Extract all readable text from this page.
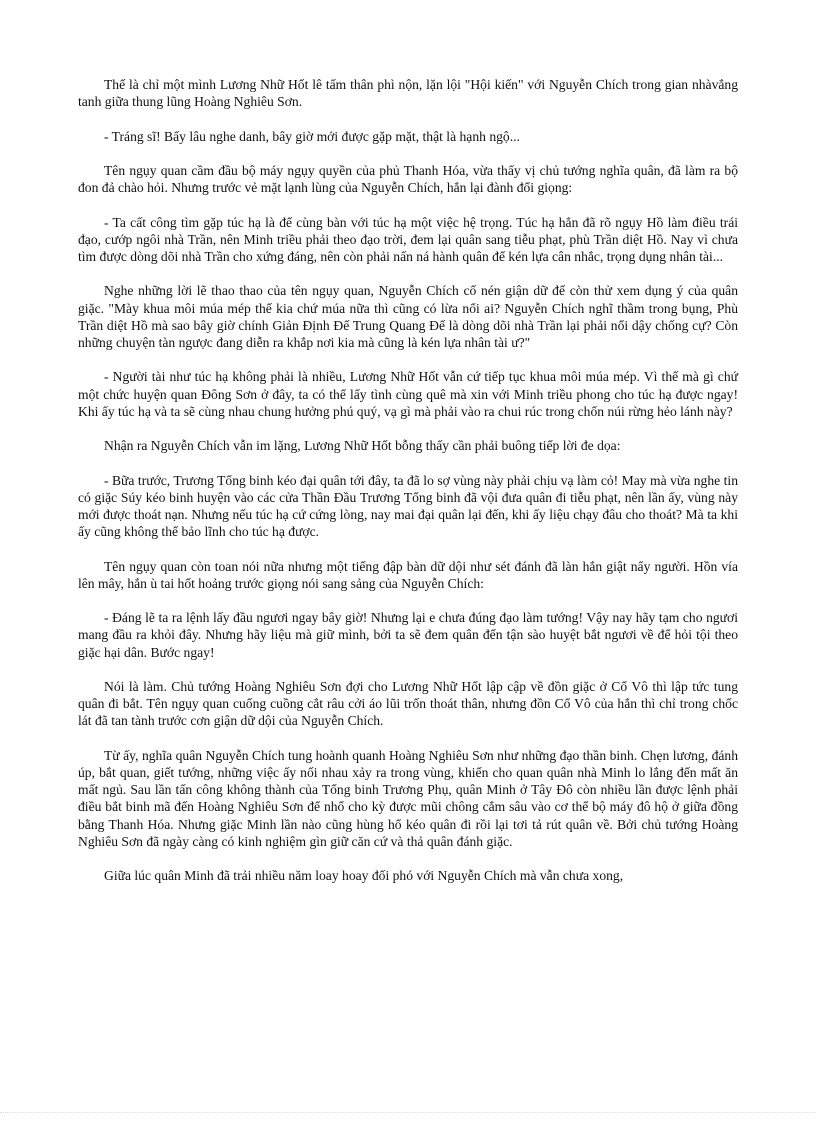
Thế là chỉ một mình Lương Nhữ Hốt lê tấm thân phì nộn, lặn lội "Hội kiến" với Nguyễn Chích trong gian nhàvắng tanh giữa thung lũng Hoàng Nghiêu Sơn.

- Tráng sĩ! Bấy lâu nghe danh, bây giờ mới được gặp mặt, thật là hạnh ngộ...

Tên ngụy quan cầm đầu bộ máy ngụy quyền của phủ Thanh Hóa, vừa thấy vị chủ tướng nghĩa quân, đã làm ra bộ đon đả chào hỏi. Nhưng trước vẻ mặt lạnh lùng của Nguyễn Chích, hắn lại đành đổi giọng:

- Ta cất công tìm gặp túc hạ là để cùng bàn với túc hạ một việc hệ trọng. Túc hạ hẳn đã rõ ngụy Hồ làm điều trái đạo, cướp ngôi nhà Trần, nên Minh triều phải theo đạo trời, đem lại quân sang tiễu phạt, phù Trần diệt Hồ. Nay vì chưa tìm được dòng dõi nhà Trần cho xứng đáng, nên còn phải nấn ná hành quân để kén lựa cân nhắc, trọng dụng nhân tài...

Nghe những lời lẽ thao thao của tên ngụy quan, Nguyễn Chích cố nén giận dữ để còn thử xem dụng ý của quân giặc. "Mày khua môi múa mép thế kia chứ múa nữa thì cũng có lừa nổi ai? Nguyễn Chích nghĩ thầm trong bụng, Phù Trần diệt Hồ mà sao bây giờ chính Giản Định Đế Trung Quang Đế là dòng dõi nhà Trần lại phải nổi dậy chống cự? Còn những chuyện tàn ngược đang diễn ra khắp nơi kia mà cũng là kén lựa nhân tài ư?"

- Người tài như túc hạ không phải là nhiều, Lương Nhữ Hốt vẫn cứ tiếp tục khua môi múa mép. Vì thế mà gì chứ một chức huyện quan Đông Sơn ở đây, ta có thể lấy tình cùng quê mà xin với Minh triều phong cho túc hạ được ngay! Khi ấy túc hạ và ta sẽ cùng nhau chung hưởng phú quý, vạ gì mà phải vào ra chui rúc trong chốn núi rừng hẻo lánh này?

Nhận ra Nguyễn Chích vẫn im lặng, Lương Nhữ Hốt bỗng thấy cần phải buông tiếp lời đe dọa:

- Bữa trước, Trương Tổng binh kéo đại quân tới đây, ta đã lo sợ vùng này phải chịu vạ làm cỏ! May mà vừa nghe tin có giặc Súy kéo binh huyện vào các cửa Thần Đầu Trương Tổng binh đã vội đưa quân đi tiễu phạt, nên lần ấy, vùng này mới được thoát nạn. Nhưng nếu túc hạ cứ cứng lòng, nay mai đại quân lại đến, khi ấy liệu chạy đâu cho thoát? Mà ta khi ấy cũng không thể bảo lĩnh cho túc hạ được.

Tên ngụy quan còn toan nói nữa nhưng một tiếng đập bàn dữ dội như sét đánh đã làn hắn giật nẩy người. Hồn vía lên mây, hắn ù tai hốt hoảng trước giọng nói sang sảng của Nguyễn Chích:

- Đáng lẽ ta ra lệnh lấy đầu ngươi ngay bây giờ! Nhưng lại e chưa đúng đạo làm tướng! Vậy nay hãy tạm cho ngươi mang đầu ra khỏi đây. Nhưng hãy liệu mà giữ mình, bởi ta sẽ đem quân đến tận sào huyệt bắt ngươi về để hỏi tội theo giặc hại dân. Bước ngay!

Nói là làm. Chủ tướng Hoàng Nghiêu Sơn đợi cho Lương Nhữ Hốt lập cập về đồn giặc ở Cổ Vô thì lập tức tung quân đi bắt. Tên ngụy quan cuống cuồng cắt râu cởi áo lũi trốn thoát thân, nhưng đồn Cổ Vô của hắn thì chỉ trong chốc lát đã tan tành trước cơn giận dữ dội của Nguyễn Chích.

Từ ấy, nghĩa quân Nguyễn Chích tung hoành quanh Hoàng Nghiêu Sơn như những đạo thần binh. Chẹn lương, đánh úp, bắt quan, giết tướng, những việc ấy nối nhau xảy ra trong vùng, khiến cho quan quân nhà Minh lo lắng đến mất ăn mất ngủ. Sau lần tấn công không thành của Tổng binh Trương Phụ, quân Minh ở Tây Đô còn nhiều lần được lệnh phải điều bắt binh mã đến Hoàng Nghiêu Sơn để nhổ cho kỳ được mũi chông cắm sâu vào cơ thể bộ máy đô hộ ở giữa đồng bằng Thanh Hóa. Nhưng giặc Minh lần nào cũng hùng hổ kéo quân đi rồi lại tơi tả rút quân về. Bởi chủ tướng Hoàng Nghiêu Sơn đã ngày càng có kinh nghiệm gìn giữ căn cứ và thả quân đánh giặc.

Giữa lúc quân Minh đã trải nhiều năm loay hoay đối phó với Nguyễn Chích mà vẫn chưa xong,
